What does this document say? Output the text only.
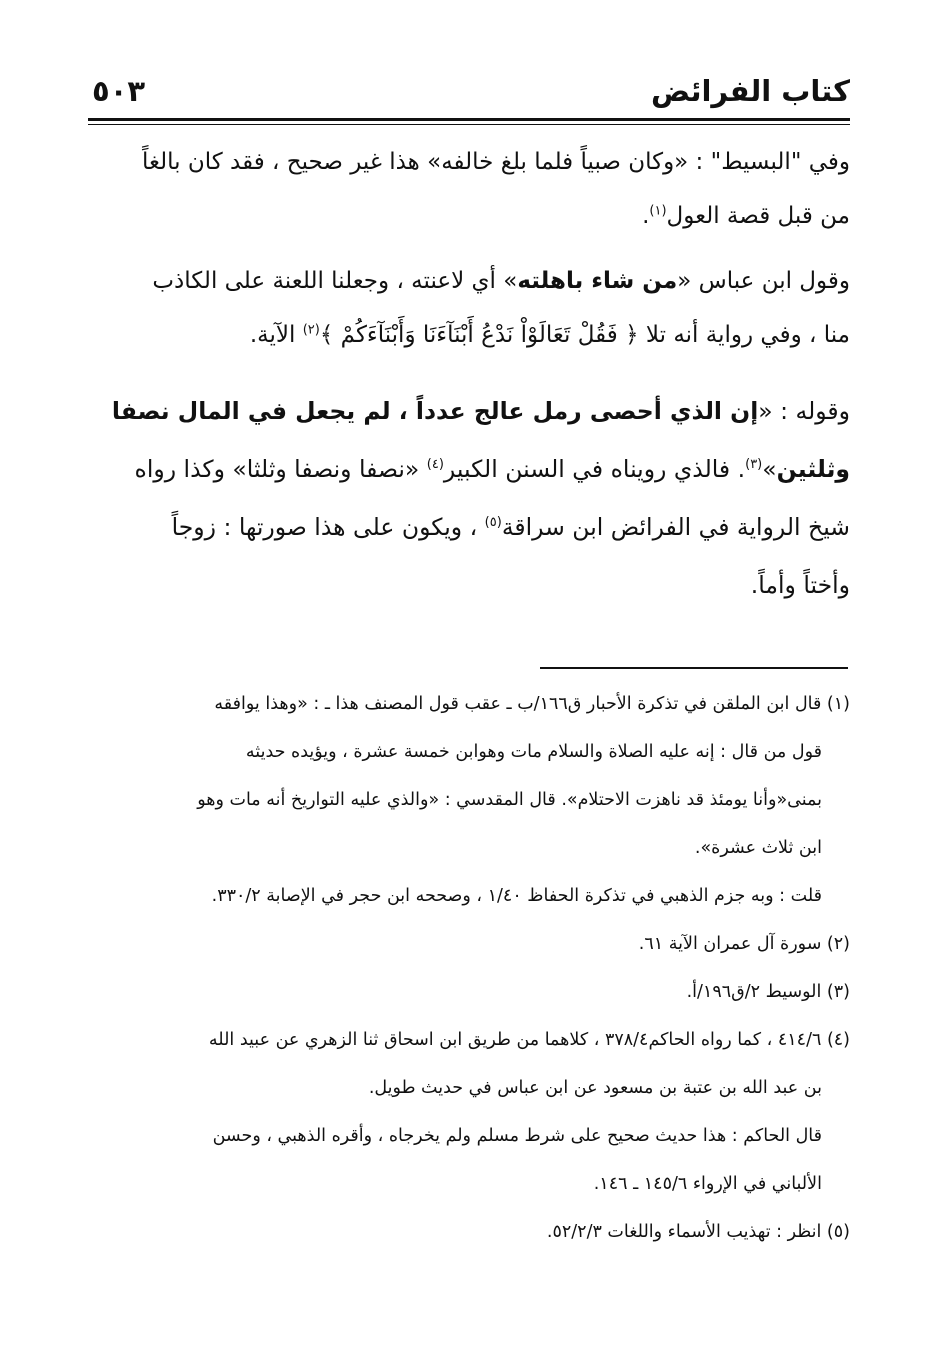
كتاب الفرائض
٥٠٣
وفي "البسيط" : «وكان صبياً فلما بلغ خالفه» هذا غير صحيح ، فقد كان بالغاً
من قبل قصة العول$^{(١)}$.
وقول ابن عباس «من شاء باهلته» أي لاعنته ، وجعلنا اللعنة على الكاذب
منا ، وفي رواية أنه تلا ﴿ فَقُلْ تَعَالَوْاْ نَدْعُ أَبْنَآءَنَا وَأَبْنَآءَكُمْ ﴾$^{(٢)}$ الآية.
وقوله : «إن الذي أحصى رمل عالج عدداً ، لم يجعل في المال نصفا
وثلثين»$^{(٣)}$. فالذي رويناه في السنن الكبير$^{(٤)}$ «نصفا ونصفا وثلثا» وكذا رواه
شيخ الرواية في الفرائض ابن سراقة$^{(٥)}$ ، ويكون على هذا صورتها : زوجاً
وأختاً وأماً.

(١) قال ابن الملقن في تذكرة الأحبار ق١٦٦/ب ـ عقب قول المصنف هذا ـ : «وهذا يوافقه
قول من قال : إنه عليه الصلاة والسلام مات وهوابن خمسة عشرة ، ويؤيده حديثه
بمنى«وأنا يومئذ قد ناهزت الاحتلام». قال المقدسي : «والذي عليه التواريخ أنه مات وهو
ابن ثلاث عشرة».
قلت : وبه جزم الذهبي في تذكرة الحفاظ ١/٤٠ ، وصححه ابن حجر في الإصابة ٣٣٠/٢.

(٢) سورة آل عمران الآية ٦١.

(٣) الوسيط ٢/ق١٩٦/أ.

(٤) ٤١٤/٦ ، كما رواه الحاكم٣٧٨/٤ ، كلاهما من طريق ابن اسحاق ثنا الزهري عن عبيد الله
بن عبد الله بن عتبة بن مسعود عن ابن عباس في حديث طويل.
قال الحاكم : هذا حديث صحيح على شرط مسلم ولم يخرجاه ، وأقره الذهبي ، وحسن
الألباني في الإرواء ١٤٥/٦ ـ ١٤٦.

(٥) انظر : تهذيب الأسماء واللغات ٥٢/٢/٣.
